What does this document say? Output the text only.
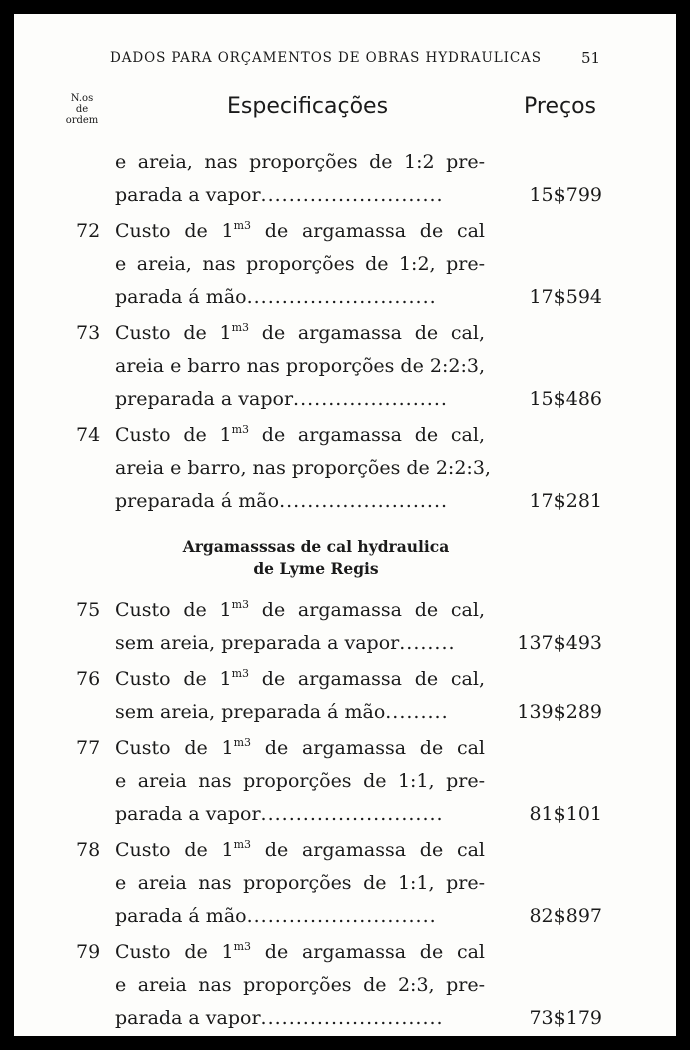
DADOS PARA ORÇAMENTOS DE OBRAS HYDRAULICAS	51
N.os
de
ordem
Especificações	Preços
e areia, nas proporções de 1:2 pre-
parada a vapor..........................	15$799
72 Custo de $1^{m3}$ de argamassa de cal
e areia, nas proporções de 1:2, pre-
parada á mão...........................	17$594
73 Custo de $1^{m3}$ de argamassa de cal,
areia e barro nas proporções de 2:2:3,
preparada a vapor......................	15$486
74 Custo de $1^{m3}$ de argamassa de cal,
areia e barro, nas proporções de 2:2:3,
preparada á mão........................	17$281
Argamasssas de cal hydraulica
de Lyme Regis
75 Custo de $1^{m3}$ de argamassa de cal,
sem areia, preparada a vapor........	137$493
76 Custo de $1^{m3}$ de argamassa de cal,
sem areia, preparada á mão.........	139$289
77 Custo de $1^{m3}$ de argamassa de cal
e areia nas proporções de 1:1, pre-
parada a vapor..........................	81$101
78 Custo de $1^{m3}$ de argamassa de cal
e areia nas proporções de 1:1, pre-
parada á mão...........................	82$897
79 Custo de $1^{m3}$ de argamassa de cal
e areia nas proporções de 2:3, pre-
parada a vapor..........................	73$179
